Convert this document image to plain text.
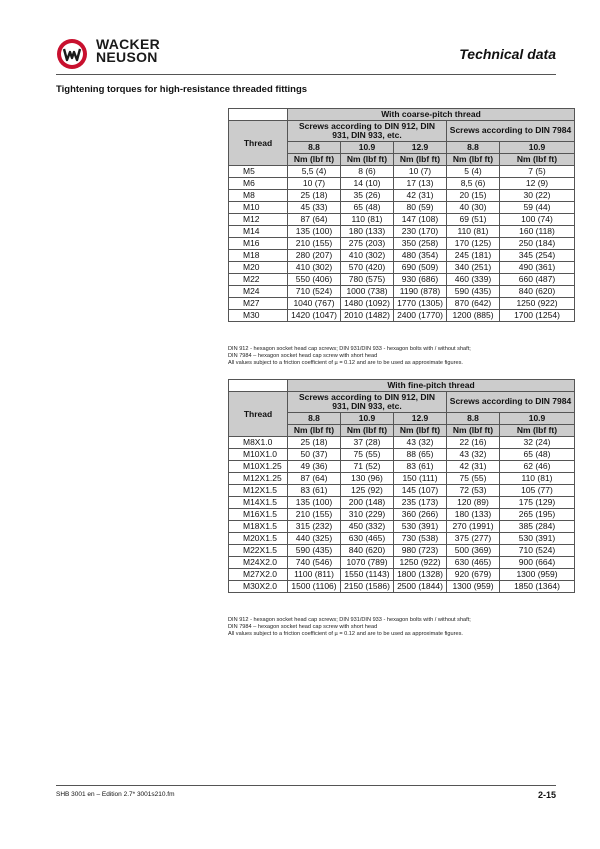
WACKER
NEUSON	Technical data
Tightening torques for high-resistance threaded fittings
	With coarse-pitch thread				
Thread	Screws according to DIN 912, DIN 931, DIN 933, etc.			Screws according to DIN 7984	
	8.8	10.9	12.9	8.8	10.9
	Nm (lbf ft)	Nm (lbf ft)	Nm (lbf ft)	Nm (lbf ft)	Nm (lbf ft)
M5	5,5 (4)	8 (6)	10 (7)	5 (4)	7 (5)
M6	10 (7)	14 (10)	17 (13)	8,5 (6)	12 (9)
M8	25 (18)	35 (26)	42 (31)	20 (15)	30 (22)
M10	45 (33)	65 (48)	80 (59)	40 (30)	59 (44)
M12	87 (64)	110 (81)	147 (108)	69 (51)	100 (74)
M14	135 (100)	180 (133)	230 (170)	110 (81)	160 (118)
M16	210 (155)	275 (203)	350 (258)	170 (125)	250 (184)
M18	280 (207)	410 (302)	480 (354)	245 (181)	345 (254)
M20	410 (302)	570 (420)	690 (509)	340 (251)	490 (361)
M22	550 (406)	780 (575)	930 (686)	460 (339)	660 (487)
M24	710 (524)	1000 (738)	1190 (878)	590 (435)	840 (620)
M27	1040 (767)	1480 (1092)	1770 (1305)	870 (642)	1250 (922)
M30	1420 (1047)	2010 (1482)	2400 (1770)	1200 (885)	1700 (1254)
DIN 912 - hexagon socket head cap screws; DIN 931/DIN 933 - hexagon bolts with / without shaft;
DIN 7984 – hexagon socket head cap screw with short head
All values subject to a friction coefficient of µ = 0.12 and are to be used as approximate figures.
	With fine-pitch thread				
Thread	Screws according to DIN 912, DIN 931, DIN 933, etc.			Screws according to DIN 7984	
	8.8	10.9	12.9	8.8	10.9
	Nm (lbf ft)	Nm (lbf ft)	Nm (lbf ft)	Nm (lbf ft)	Nm (lbf ft)
M8X1.0	25 (18)	37 (28)	43 (32)	22 (16)	32 (24)
M10X1.0	50 (37)	75 (55)	88 (65)	43 (32)	65 (48)
M10X1.25	49 (36)	71 (52)	83 (61)	42 (31)	62 (46)
M12X1.25	87 (64)	130 (96)	150 (111)	75 (55)	110 (81)
M12X1.5	83 (61)	125 (92)	145 (107)	72 (53)	105 (77)
M14X1.5	135 (100)	200 (148)	235 (173)	120 (89)	175 (129)
M16X1.5	210 (155)	310 (229)	360 (266)	180 (133)	265 (195)
M18X1.5	315 (232)	450 (332)	530 (391)	270 (1991)	385 (284)
M20X1.5	440 (325)	630 (465)	730 (538)	375 (277)	530 (391)
M22X1.5	590 (435)	840 (620)	980 (723)	500 (369)	710 (524)
M24X2.0	740 (546)	1070 (789)	1250 (922)	630 (465)	900 (664)
M27X2.0	1100 (811)	1550 (1143)	1800 (1328)	920 (679)	1300 (959)
M30X2.0	1500 (1106)	2150 (1586)	2500 (1844)	1300 (959)	1850 (1364)
DIN 912 - hexagon socket head cap screws; DIN 931/DIN 933 - hexagon bolts with / without shaft;
DIN 7984 – hexagon socket head cap screw with short head
All values subject to a friction coefficient of µ = 0.12 and are to be used as approximate figures.
SHB 3001 en – Edition 2.7* 3001s210.fm	2-15
